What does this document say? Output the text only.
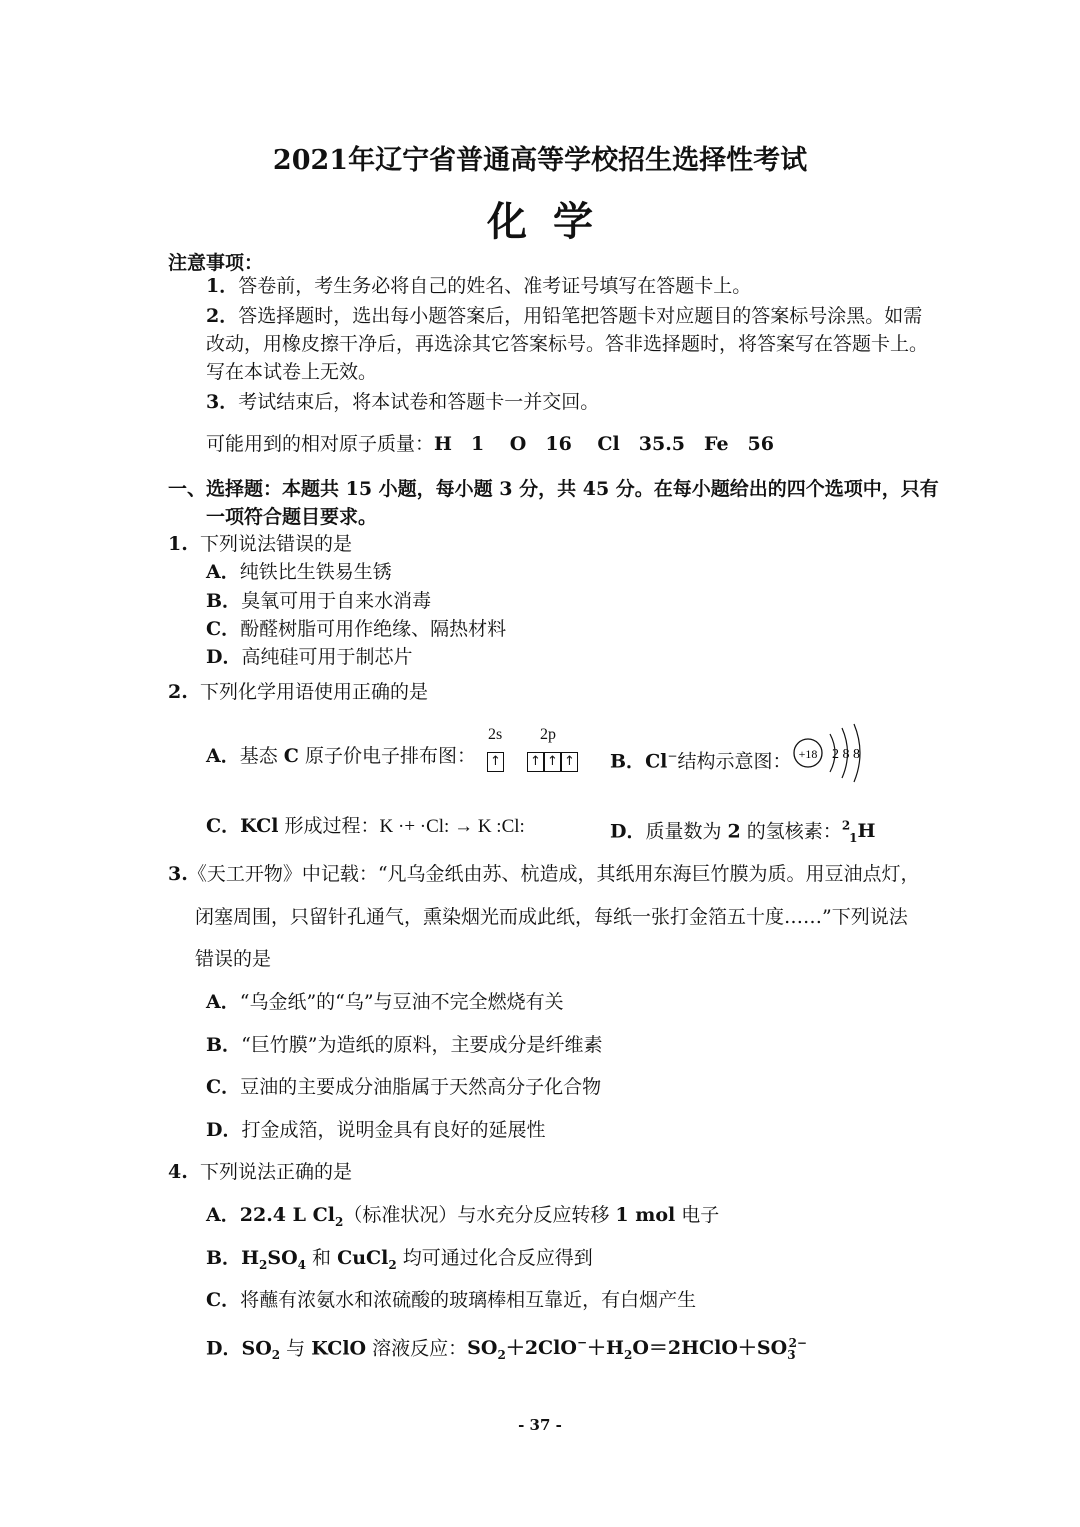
2021年辽宁省普通高等学校招生选择性考试
化学
注意事项：
1．答卷前，考生务必将自己的姓名、准考证号填写在答题卡上。
2．答选择题时，选出每小题答案后，用铅笔把答题卡对应题目的答案标号涂黑。如需
改动，用橡皮擦干净后，再选涂其它答案标号。答非选择题时，将答案写在答题卡上。
写在本试卷上无效。
3．考试结束后，将本试卷和答题卡一并交回。
可能用到的相对原子质量：H　1　 O　16　 Cl　35.5　Fe　56
一、选择题：本题共 15 小题，每小题 3 分，共 45 分。在每小题给出的四个选项中，只有
一项符合题目要求。
1. 下列说法错误的是
A．纯铁比生铁易生锈
B．臭氧可用于自来水消毒
C．酚醛树脂可用作绝缘、隔热材料
D．高纯硅可用于制芯片
2. 下列化学用语使用正确的是
A．基态 C 原子价电子排布图：
2s 2p
↑ ↑ ↑ ↑ B．Cl−结构示意图： +18 2 8 8
C．KCl 形成过程：K ·+ ·Cl: → K :Cl:	D．质量数为 2 的氢核素：$^2_1$H
3.《天工开物》中记载：“凡乌金纸由苏、杭造成，其纸用东海巨竹膜为质。用豆油点灯，
闭塞周围，只留针孔通气，熏染烟光而成此纸，每纸一张打金箔五十度……”下列说法
错误的是
A．“乌金纸”的“乌”与豆油不完全燃烧有关
B．“巨竹膜”为造纸的原料，主要成分是纤维素
C．豆油的主要成分油脂属于天然高分子化合物
D．打金成箔，说明金具有良好的延展性
4. 下列说法正确的是
A．22.4 L $Cl_2$（标准状况）与水充分反应转移 1 mol 电子
B．$H_2SO_4$ 和 CuCl$_2$ 均可通过化合反应得到
C．将蘸有浓氨水和浓硫酸的玻璃棒相互靠近，有白烟产生
D．$SO_2$ 与 KClO 溶液反应：$SO_2+2ClO^-+H_2O=2HClO+SO_3^{2-}$
- 37 -
